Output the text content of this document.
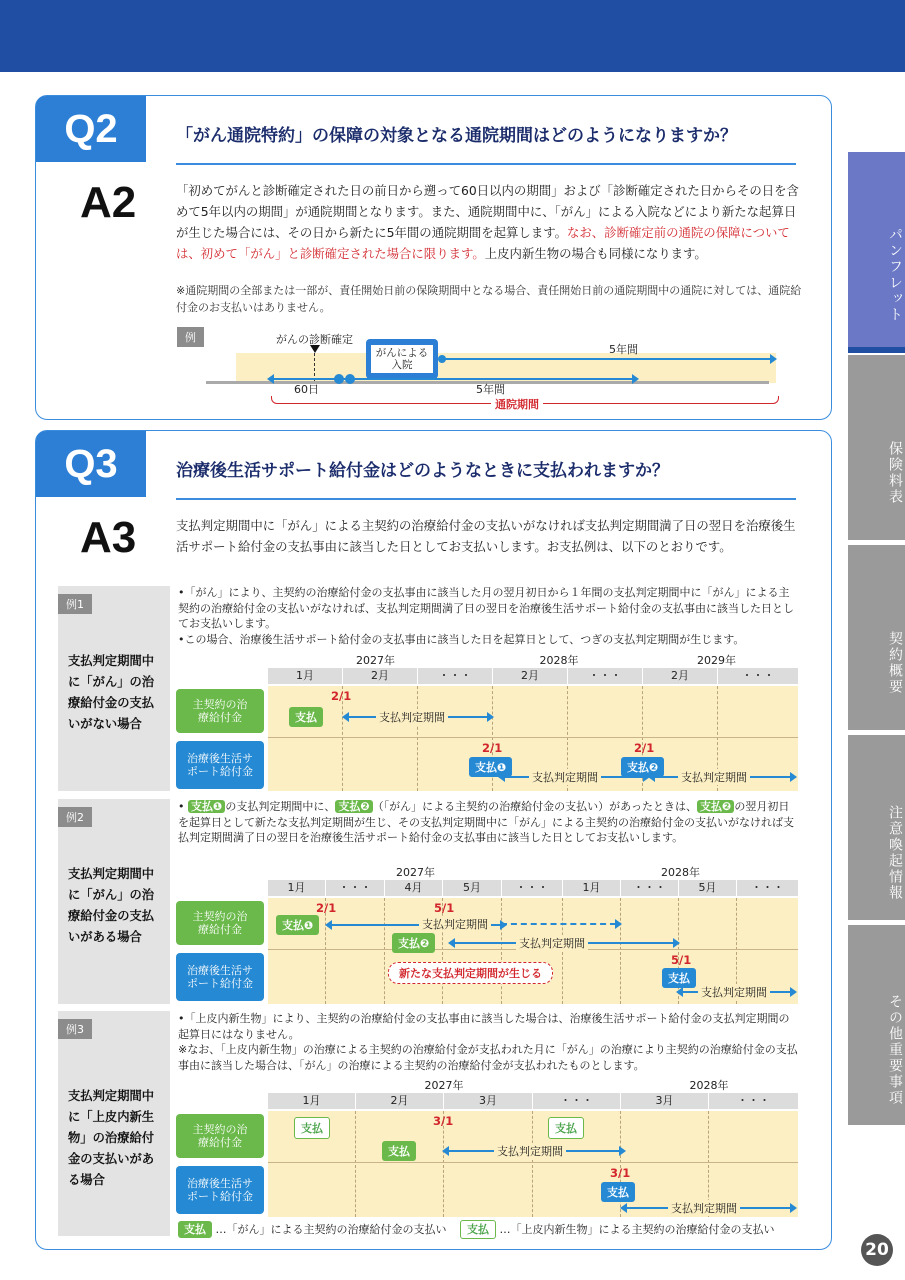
パンフレット
保険料表
契約概要
注意喚起情報
その他重要事項
Q2	「がん通院特約」の保障の対象となる通院期間はどのようになりますか？
A2	「初めてがんと診断確定された日の前日から遡って60日以内の期間」および「診断確定された日からその日を含めて5年以内の期間」が通院期間となります。また、通院期間中に、「がん」による入院などにより新たな起算日が生じた場合には、その日から新たに5年間の通院期間を起算します。なお、診断確定前の通院の保障については、初めて「がん」と診断確定された場合に限ります。上皮内新生物の場合も同様になります。
※通院期間の全部または一部が、責任開始日前の保険期間中となる場合、責任開始日前の通院期間中の通院に対しては、通院給付金のお支払いはありません。
例	がんの診断確定
がんによる入院
5年間
60日	5年間
通院期間
Q3	治療後生活サポート給付金はどのようなときに支払われますか？
A3	支払判定期間中に「がん」による主契約の治療給付金の支払いがなければ支払判定期間満了日の翌日を治療後生活サポート給付金の支払事由に該当した日としてお支払いします。お支払例は、以下のとおりです。
例1
支払判定期間中に「がん」の治療給付金の支払いがない場合
•「がん」により、主契約の治療給付金の支払事由に該当した月の翌月初日から１年間の支払判定期間中に「がん」による主契約の治療給付金の支払いがなければ、支払判定期間満了日の翌日を治療後生活サポート給付金の支払事由に該当した日としてお支払いします。
•この場合、治療後生活サポート給付金の支払事由に該当した日を起算日として、つぎの支払判定期間が生じます。
2027年	2028年	2029年
1月	2月	・・・	2月	・・・	2月	・・・
主契約の治療給付金
治療後生活サポート給付金
2/1
支払	支払判定期間
2/1
支払❶
支払判定期間
2/1
支払❷
支払判定期間
例2
支払判定期間中に「がん」の治療給付金の支払いがある場合
• 支払❶ の支払判定期間中に、 支払❷ （「がん」による主契約の治療給付金の支払い）があったときは、 支払❷ の翌月初日を起算日として新たな支払判定期間が生じ、その支払判定期間中に「がん」による主契約の治療給付金の支払いがなければ支払判定期間満了日の翌日を治療後生活サポート給付金の支払事由に該当した日としてお支払いします。
2027年	2028年
1月	・・・	4月	5月	・・・	1月	・・・	5月	・・・
主契約の治療給付金
治療後生活サポート給付金
2/1
支払❶
5/1
支払判定期間
支払❷	支払判定期間
新たな支払判定期間が生じる
5/1
支払
支払判定期間
例3
支払判定期間中に「上皮内新生物」の治療給付金の支払いがある場合
•「上皮内新生物」により、主契約の治療給付金の支払事由に該当した場合は、治療後生活サポート給付金の支払判定期間の起算日にはなりません。
※なお、「上皮内新生物」の治療による主契約の治療給付金が支払われた月に「がん」の治療により主契約の治療給付金の支払事由に該当した場合は、「がん」の治療による主契約の治療給付金が支払われたものとします。
2027年	2028年
1月	2月	3月	・・・	3月	・・・
主契約の治療給付金
治療後生活サポート給付金
支払	支払
3/1
支払	支払判定期間
3/1
支払
支払判定期間
支払 …「がん」による主契約の治療給付金の支払い 支払 …「上皮内新生物」による主契約の治療給付金の支払い
20
